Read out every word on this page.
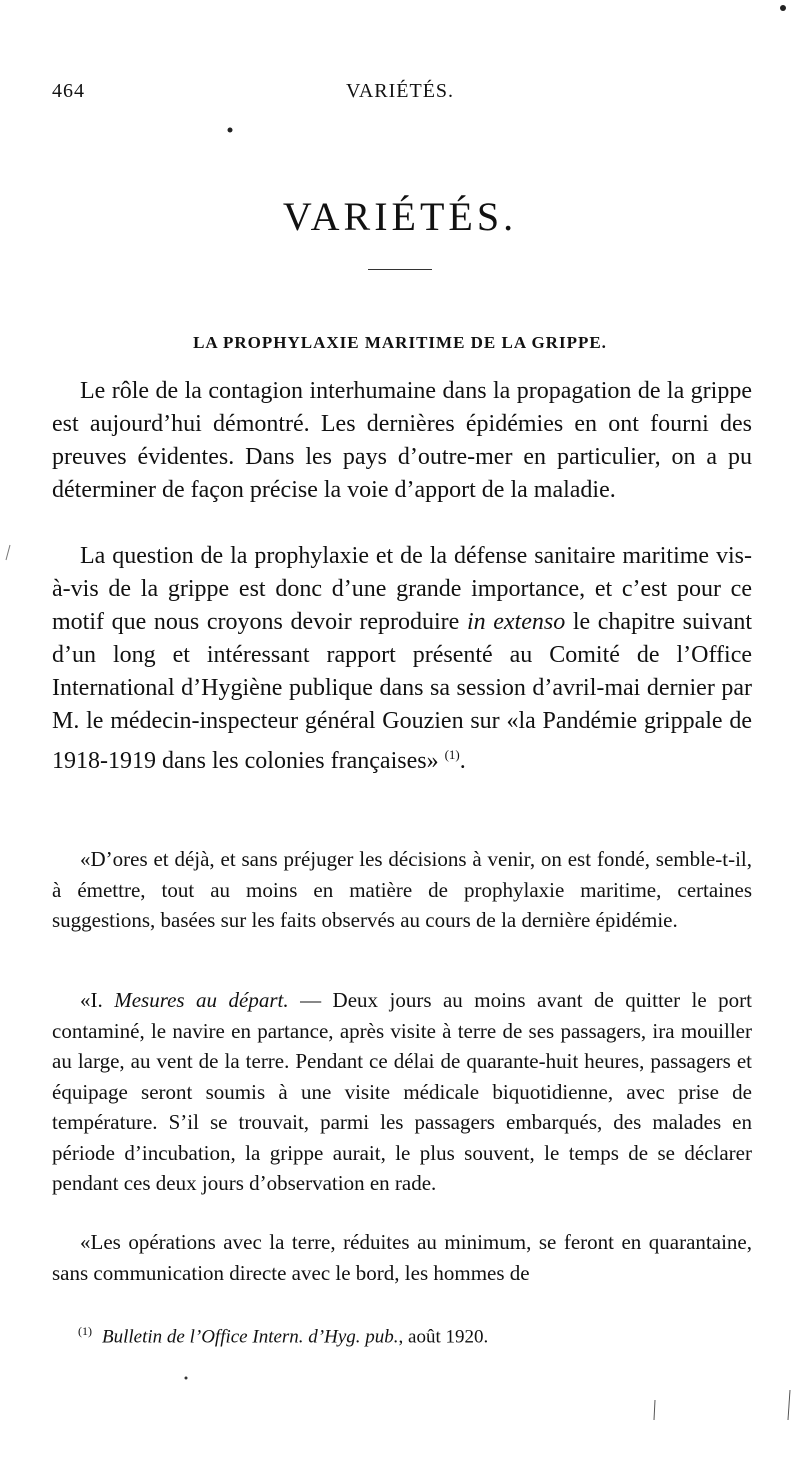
464	VARIÉTÉS.
VARIÉTÉS.
LA PROPHYLAXIE MARITIME DE LA GRIPPE.

Le rôle de la contagion interhumaine dans la propagation de la grippe est aujourd’hui démontré. Les dernières épidémies en ont fourni des preuves évidentes. Dans les pays d’outre-mer en particulier, on a pu déterminer de façon précise la voie d’apport de la maladie.

La question de la prophylaxie et de la défense sanitaire maritime vis-à-vis de la grippe est donc d’une grande importance, et c’est pour ce motif que nous croyons devoir reproduire in extenso le chapitre suivant d’un long et intéressant rapport présenté au Comité de l’Office International d’Hygiène publique dans sa session d’avril-mai dernier par M. le médecin-inspecteur général Gouzien sur «la Pandémie grippale de 1918-1919 dans les colonies françaises» $^{(1)}$.

«D’ores et déjà, et sans préjuger les décisions à venir, on est fondé, semble-t-il, à émettre, tout au moins en matière de prophylaxie maritime, certaines suggestions, basées sur les faits observés au cours de la dernière épidémie.

«I. Mesures au départ. — Deux jours au moins avant de quitter le port contaminé, le navire en partance, après visite à terre de ses passagers, ira mouiller au large, au vent de la terre. Pendant ce délai de quarante-huit heures, passagers et équipage seront soumis à une visite médicale biquotidienne, avec prise de température. S’il se trouvait, parmi les passagers embarqués, des malades en période d’incubation, la grippe aurait, le plus souvent, le temps de se déclarer pendant ces deux jours d’observation en rade.

«Les opérations avec la terre, réduites au minimum, se feront en quarantaine, sans communication directe avec le bord, les hommes de

$^{(1)}$ Bulletin de l’Office Intern. d’Hyg. pub., août 1920.
